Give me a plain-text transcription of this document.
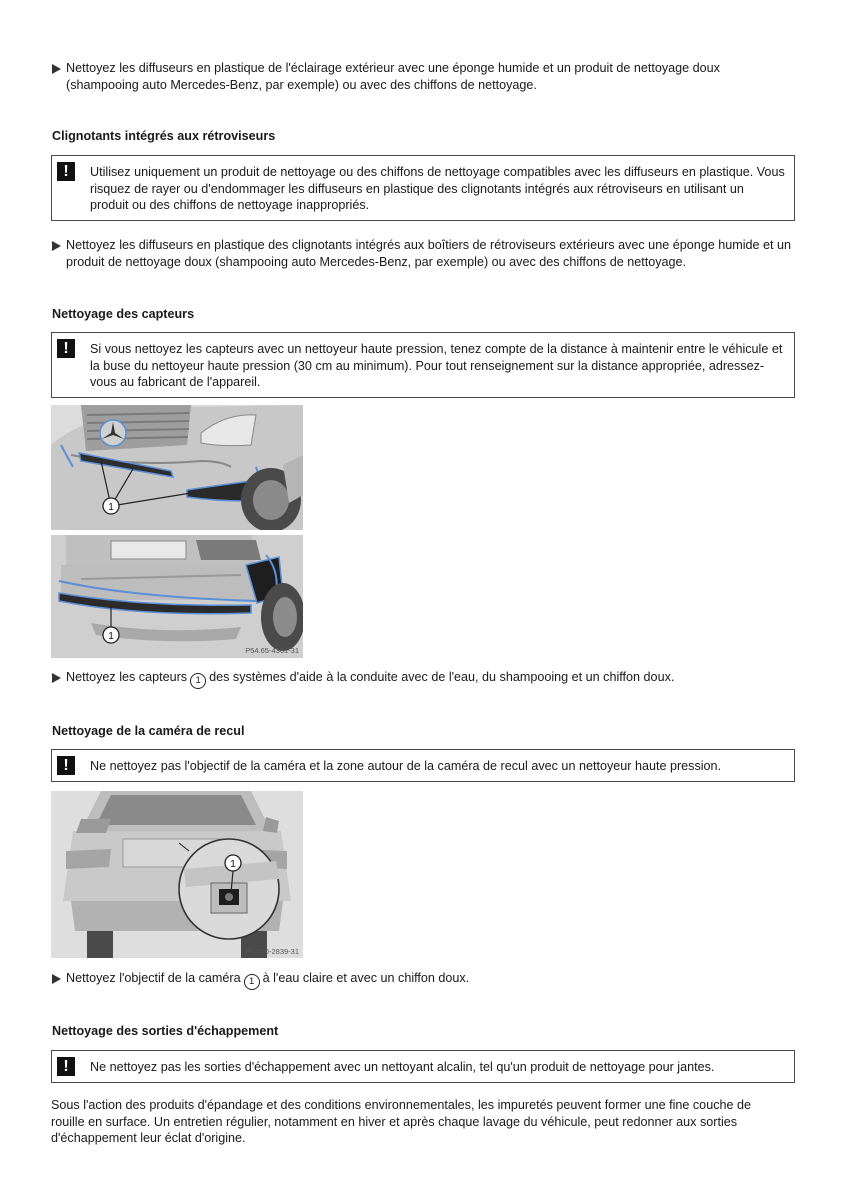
Nettoyez les diffuseurs en plastique de l'éclairage extérieur avec une éponge humide et un produit de nettoyage doux (shampooing auto Mercedes-Benz, par exemple) ou avec des chiffons de nettoyage.
Clignotants intégrés aux rétroviseurs
!	Utilisez uniquement un produit de nettoyage ou des chiffons de nettoyage compatibles avec les diffuseurs en plastique. Vous risquez de rayer ou d'endommager les diffuseurs en plastique des clignotants intégrés aux rétroviseurs en utilisant un produit ou des chiffons de nettoyage inappropriés.
Nettoyez les diffuseurs en plastique des clignotants intégrés aux boîtiers de rétroviseurs extérieurs avec une éponge humide et un produit de nettoyage doux (shampooing auto Mercedes-Benz, par exemple) ou avec des chiffons de nettoyage.
Nettoyage des capteurs
!	Si vous nettoyez les capteurs avec un nettoyeur haute pression, tenez compte de la distance à maintenir entre le véhicule et la buse du nettoyeur haute pression (30 cm au minimum). Pour tout renseignement sur la distance appropriée, adressez-vous au fabricant de l'appareil.
1
1
P54.65-4361-31
Nettoyez les capteurs 1 des systèmes d'aide à la conduite avec de l'eau, du shampooing et un chiffon doux.
Nettoyage de la caméra de recul
!	Ne nettoyez pas l'objectif de la caméra et la zone autour de la caméra de recul avec un nettoyeur haute pression.
1
P54.00-2839-31
Nettoyez l'objectif de la caméra 1 à l'eau claire et avec un chiffon doux.
Nettoyage des sorties d'échappement
!	Ne nettoyez pas les sorties d'échappement avec un nettoyant alcalin, tel qu'un produit de nettoyage pour jantes.
Sous l'action des produits d'épandage et des conditions environnementales, les impuretés peuvent former une fine couche de rouille en surface. Un entretien régulier, notamment en hiver et après chaque lavage du véhicule, peut redonner aux sorties d'échappement leur éclat d'origine.
